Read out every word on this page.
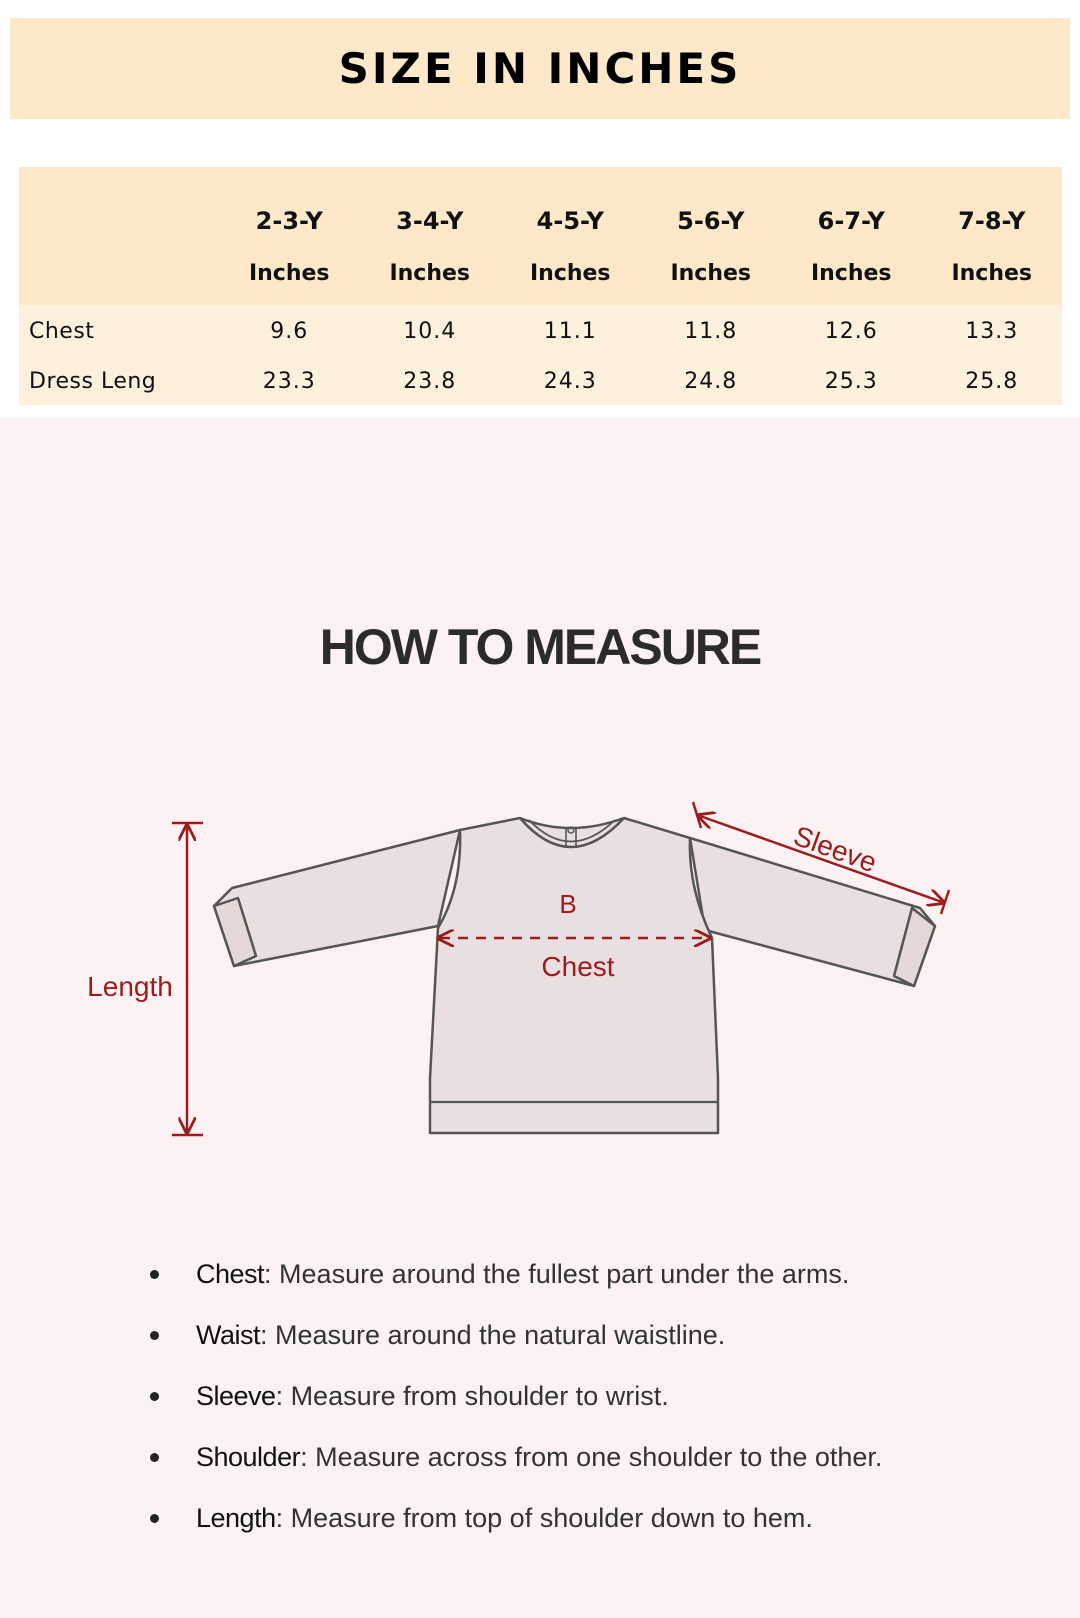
SIZE IN INCHES
	2-3-Y	3-4-Y	4-5-Y	5-6-Y	6-7-Y	7-8-Y
	Inches	Inches	Inches	Inches	Inches	Inches
Chest	9.6	10.4	11.1	11.8	12.6	13.3
Dress Leng	23.3	23.8	24.3	24.8	25.3	25.8
HOW TO MEASURE
B
Chest
Length
Sleeve
Chest: Measure around the fullest part under the arms.
Waist: Measure around the natural waistline.
Sleeve: Measure from shoulder to wrist.
Shoulder: Measure across from one shoulder to the other.
Length: Measure from top of shoulder down to hem.
